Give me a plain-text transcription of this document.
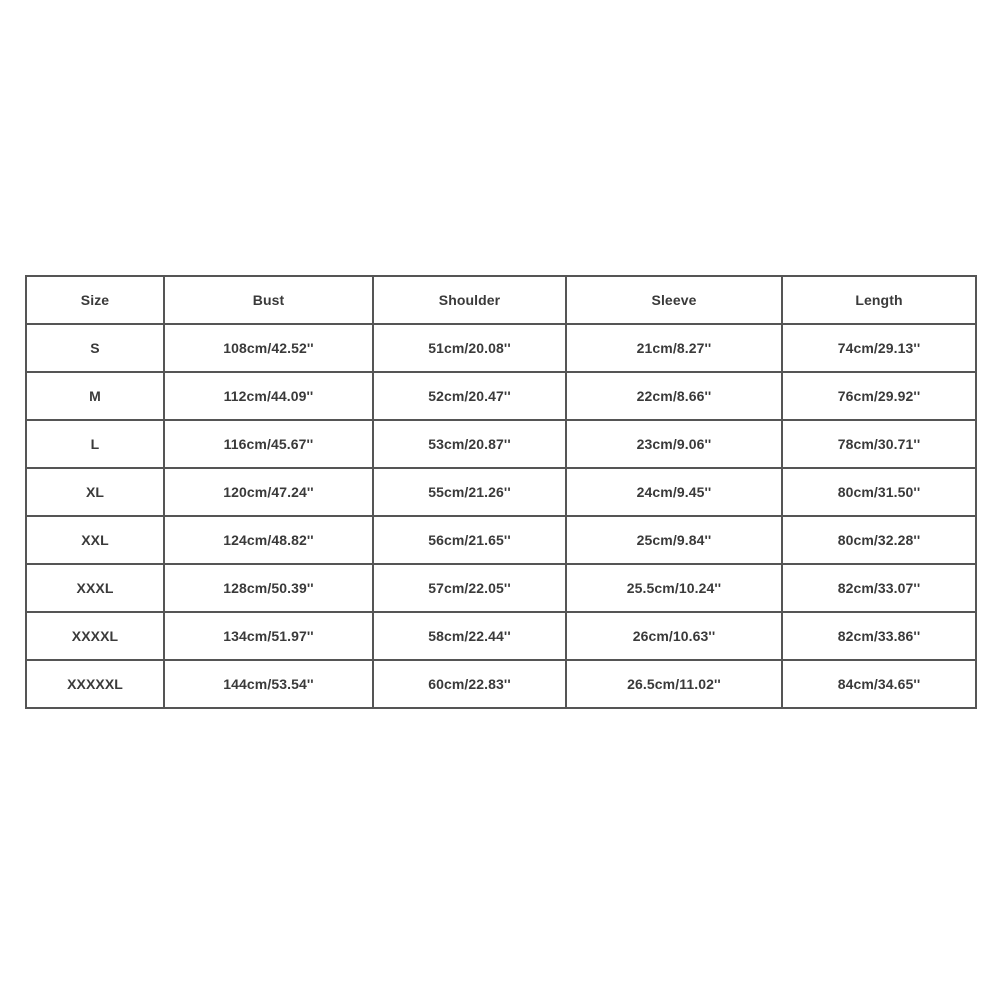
Size	Bust	Shoulder	Sleeve	Length
S	108cm/42.52''	51cm/20.08''	21cm/8.27''	74cm/29.13''
M	112cm/44.09''	52cm/20.47''	22cm/8.66''	76cm/29.92''
L	116cm/45.67''	53cm/20.87''	23cm/9.06''	78cm/30.71''
XL	120cm/47.24''	55cm/21.26''	24cm/9.45''	80cm/31.50''
XXL	124cm/48.82''	56cm/21.65''	25cm/9.84''	80cm/32.28''
XXXL	128cm/50.39''	57cm/22.05''	25.5cm/10.24''	82cm/33.07''
XXXXL	134cm/51.97''	58cm/22.44''	26cm/10.63''	82cm/33.86''
XXXXXL	144cm/53.54''	60cm/22.83''	26.5cm/11.02''	84cm/34.65''
